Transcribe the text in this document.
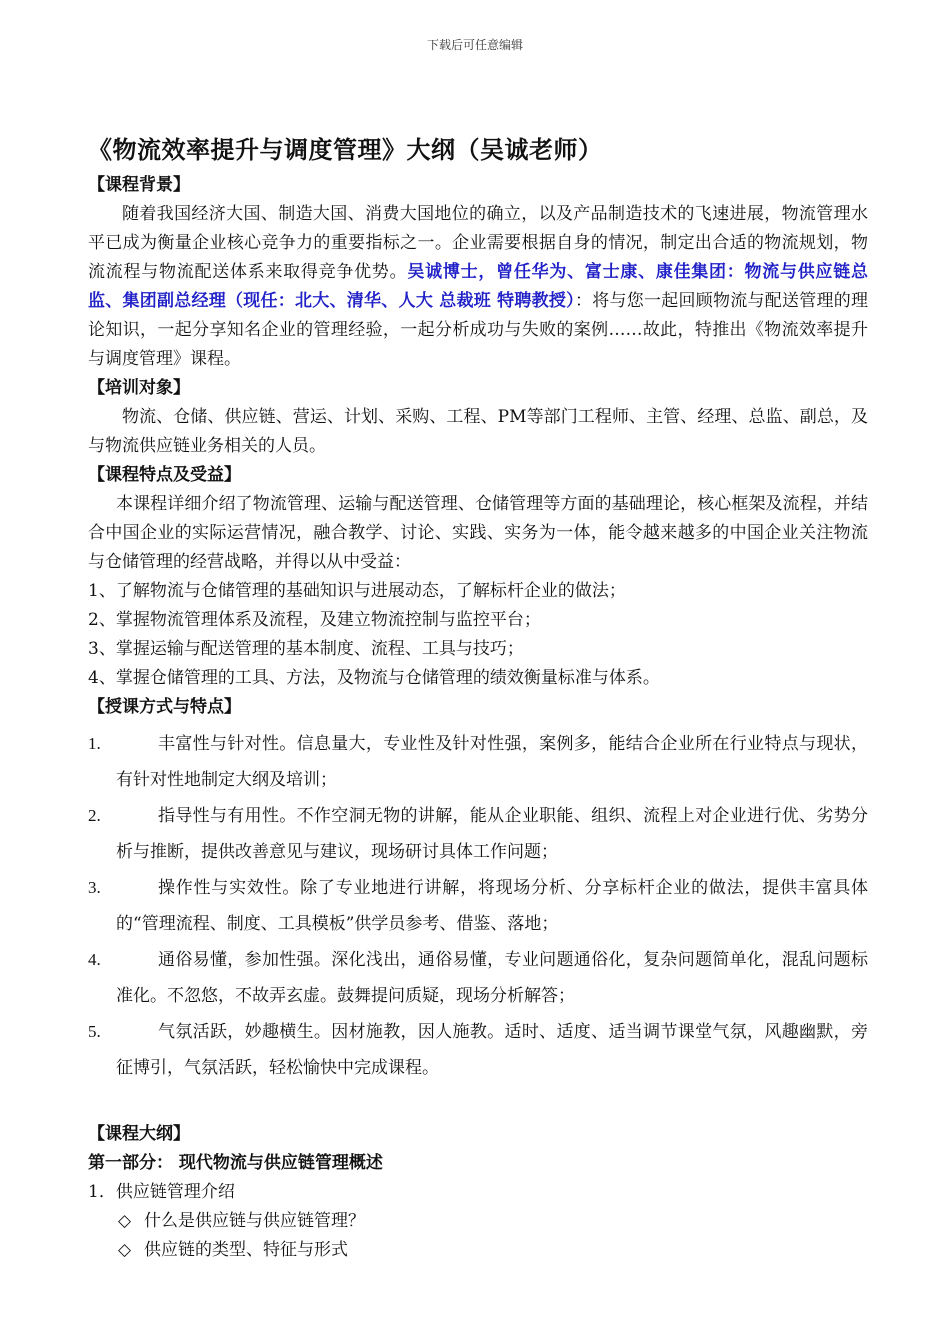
下载后可任意编辑
《物流效率提升与调度管理》大纲（吴诚老师）
【课程背景】
随着我国经济大国、制造大国、消费大国地位的确立，以及产品制造技术的飞速进展，物流管理水平已成为衡量企业核心竞争力的重要指标之一。企业需要根据自身的情况，制定出合适的物流规划，物流流程与物流配送体系来取得竞争优势。吴诚博士，曾任华为、富士康、康佳集团：物流与供应链总监、集团副总经理（现任：北大、清华、人大 总裁班 特聘教授）：将与您一起回顾物流与配送管理的理论知识，一起分享知名企业的管理经验，一起分析成功与失败的案例……故此，特推出《物流效率提升与调度管理》课程。
【培训对象】
物流、仓储、供应链、营运、计划、采购、工程、PM等部门工程师、主管、经理、总监、副总，及与物流供应链业务相关的人员。
【课程特点及受益】
本课程详细介绍了物流管理、运输与配送管理、仓储管理等方面的基础理论，核心框架及流程，并结合中国企业的实际运营情况，融合教学、讨论、实践、实务为一体，能令越来越多的中国企业关注物流与仓储管理的经营战略，并得以从中受益：
1、了解物流与仓储管理的基础知识与进展动态，了解标杆企业的做法；
2、掌握物流管理体系及流程，及建立物流控制与监控平台；
3、掌握运输与配送管理的基本制度、流程、工具与技巧；
4、掌握仓储管理的工具、方法，及物流与仓储管理的绩效衡量标准与体系。
【授课方式与特点】
1.	丰富性与针对性。信息量大，专业性及针对性强，案例多，能结合企业所在行业特点与现状，有针对性地制定大纲及培训；
2.	指导性与有用性。不作空洞无物的讲解，能从企业职能、组织、流程上对企业进行优、劣势分析与推断，提供改善意见与建议，现场研讨具体工作问题；
3.	操作性与实效性。除了专业地进行讲解，将现场分析、分享标杆企业的做法，提供丰富具体的“管理流程、制度、工具模板”供学员参考、借鉴、落地；
4.	通俗易懂，参加性强。深化浅出，通俗易懂，专业问题通俗化，复杂问题简单化，混乱问题标准化。不忽悠，不故弄玄虚。鼓舞提问质疑，现场分析解答；
5.	气氛活跃，妙趣横生。因材施教，因人施教。适时、适度、适当调节课堂气氛，风趣幽默，旁征博引，气氛活跃，轻松愉快中完成课程。
【课程大纲】
第一部分： 现代物流与供应链管理概述
1．供应链管理介绍
◇ 什么是供应链与供应链管理？
◇ 供应链的类型、特征与形式
